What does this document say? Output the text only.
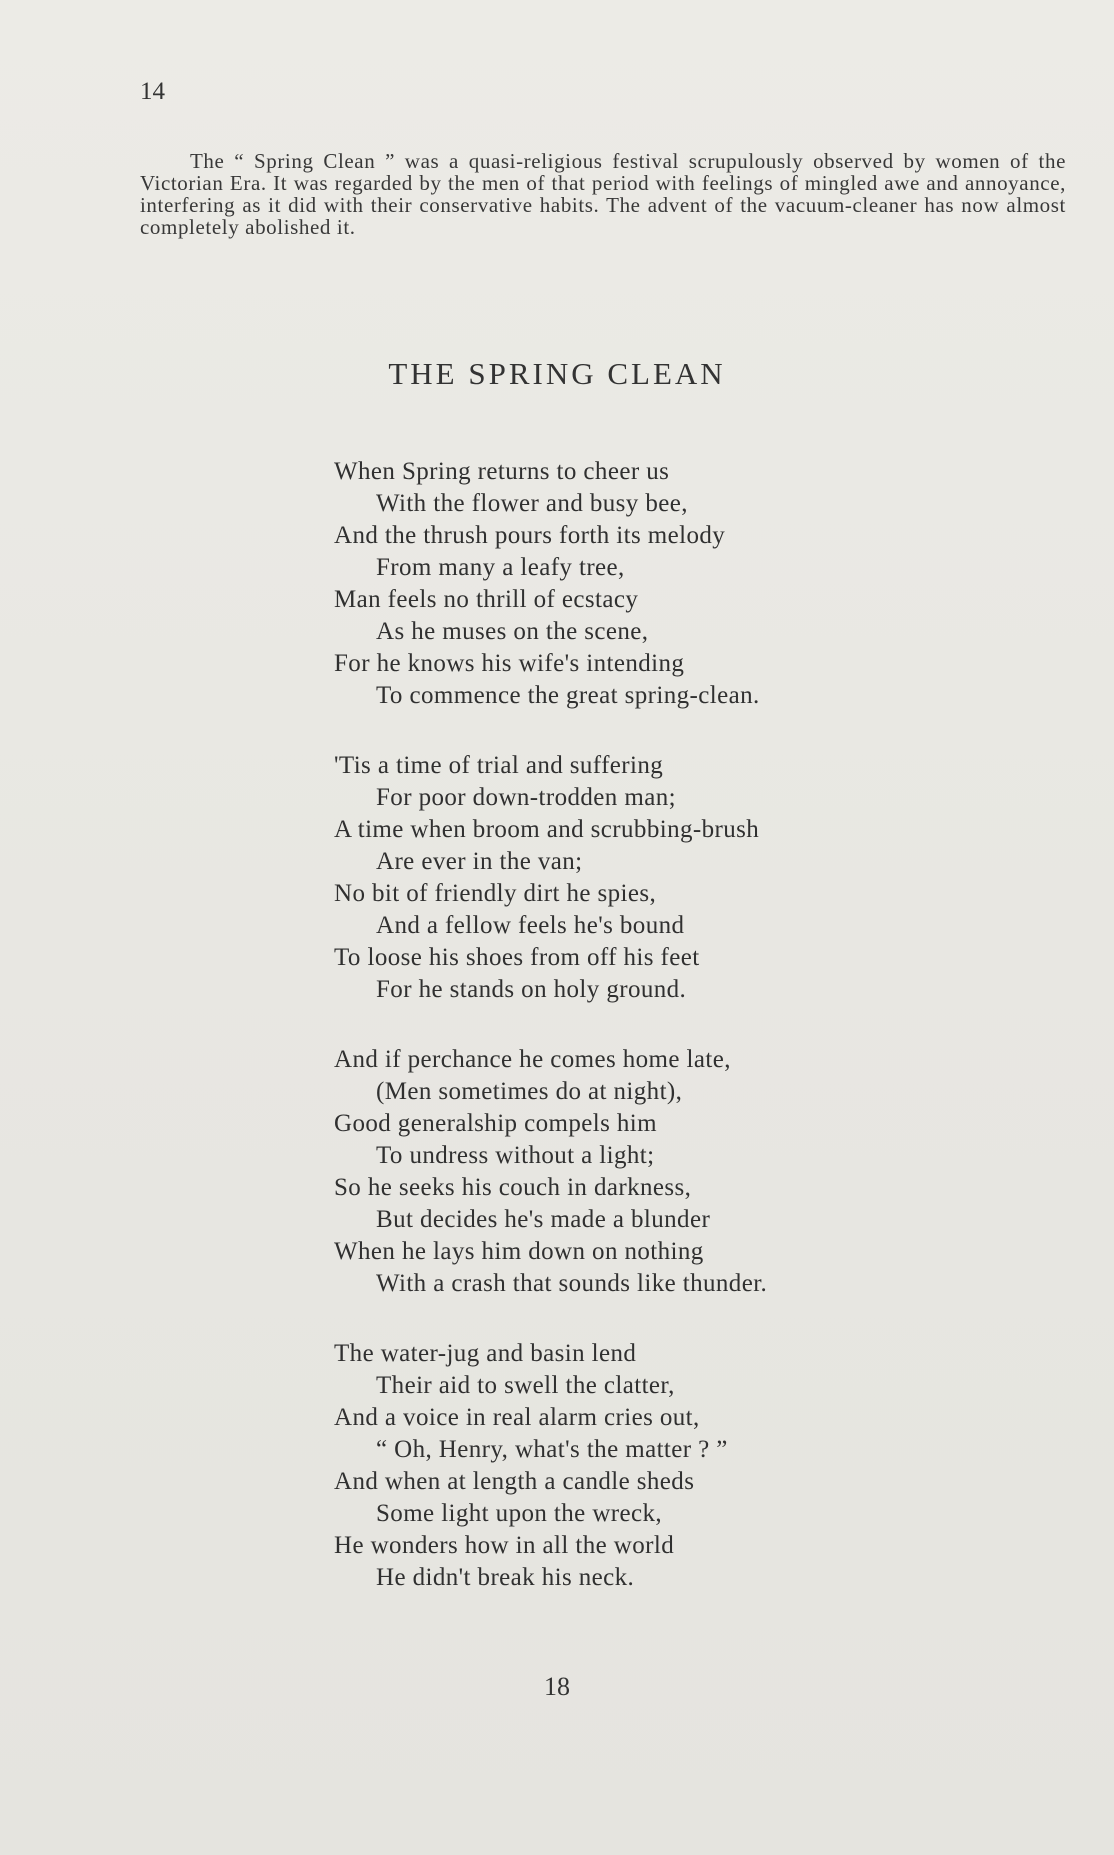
14

The “ Spring Clean ” was a quasi-religious festival scrupulously observed by women of the Victorian Era. It was regarded by the men of that period with feelings of mingled awe and annoyance, interfering as it did with their conservative habits. The advent of the vacuum-cleaner has now almost completely abolished it.

THE SPRING CLEAN
When Spring returns to cheer us
With the flower and busy bee,
And the thrush pours forth its melody
From many a leafy tree,
Man feels no thrill of ecstacy
As he muses on the scene,
For he knows his wife's intending
To commence the great spring-clean.
'Tis a time of trial and suffering
For poor down-trodden man;
A time when broom and scrubbing-brush
Are ever in the van;
No bit of friendly dirt he spies,
And a fellow feels he's bound
To loose his shoes from off his feet
For he stands on holy ground.
And if perchance he comes home late,
(Men sometimes do at night),
Good generalship compels him
To undress without a light;
So he seeks his couch in darkness,
But decides he's made a blunder
When he lays him down on nothing
With a crash that sounds like thunder.
The water-jug and basin lend
Their aid to swell the clatter,
And a voice in real alarm cries out,
“ Oh, Henry, what's the matter ? ”
And when at length a candle sheds
Some light upon the wreck,
He wonders how in all the world
He didn't break his neck.
18
